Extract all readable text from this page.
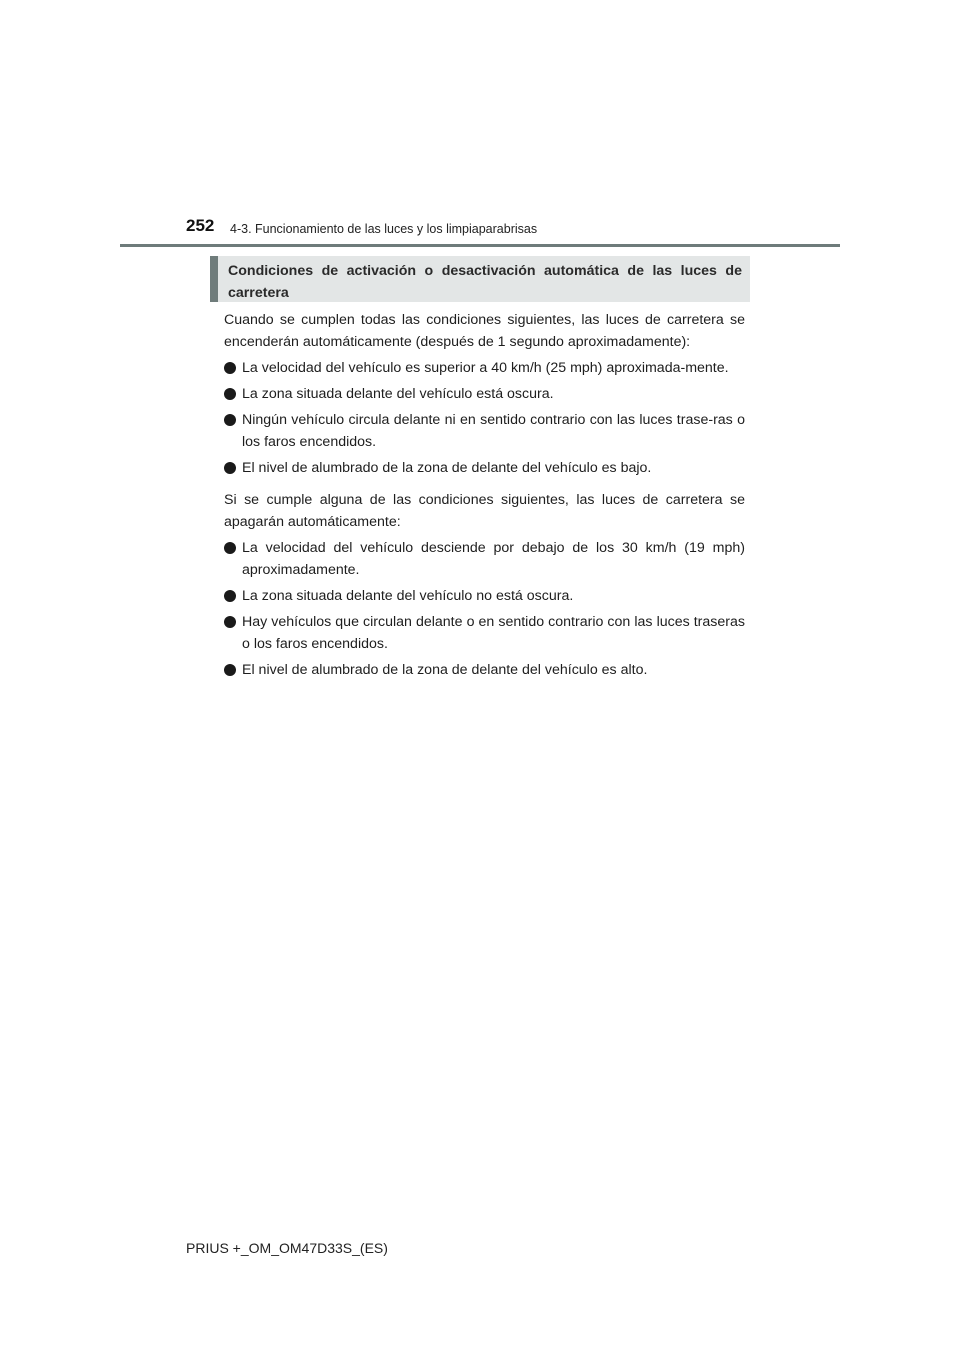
252 4-3. Funcionamiento de las luces y los limpiaparabrisas
Condiciones de activación o desactivación automática de las luces de carretera

Cuando se cumplen todas las condiciones siguientes, las luces de carretera se encenderán automáticamente (después de 1 segundo aproximadamente):

La velocidad del vehículo es superior a 40 km/h (25 mph) aproximada-mente.
La zona situada delante del vehículo está oscura.
Ningún vehículo circula delante ni en sentido contrario con las luces trase-ras o los faros encendidos.
El nivel de alumbrado de la zona de delante del vehículo es bajo.

Si se cumple alguna de las condiciones siguientes, las luces de carretera se apagarán automáticamente:

La velocidad del vehículo desciende por debajo de los 30 km/h (19 mph) aproximadamente.
La zona situada delante del vehículo no está oscura.
Hay vehículos que circulan delante o en sentido contrario con las luces traseras o los faros encendidos.
El nivel de alumbrado de la zona de delante del vehículo es alto.
PRIUS +_OM_OM47D33S_(ES)
